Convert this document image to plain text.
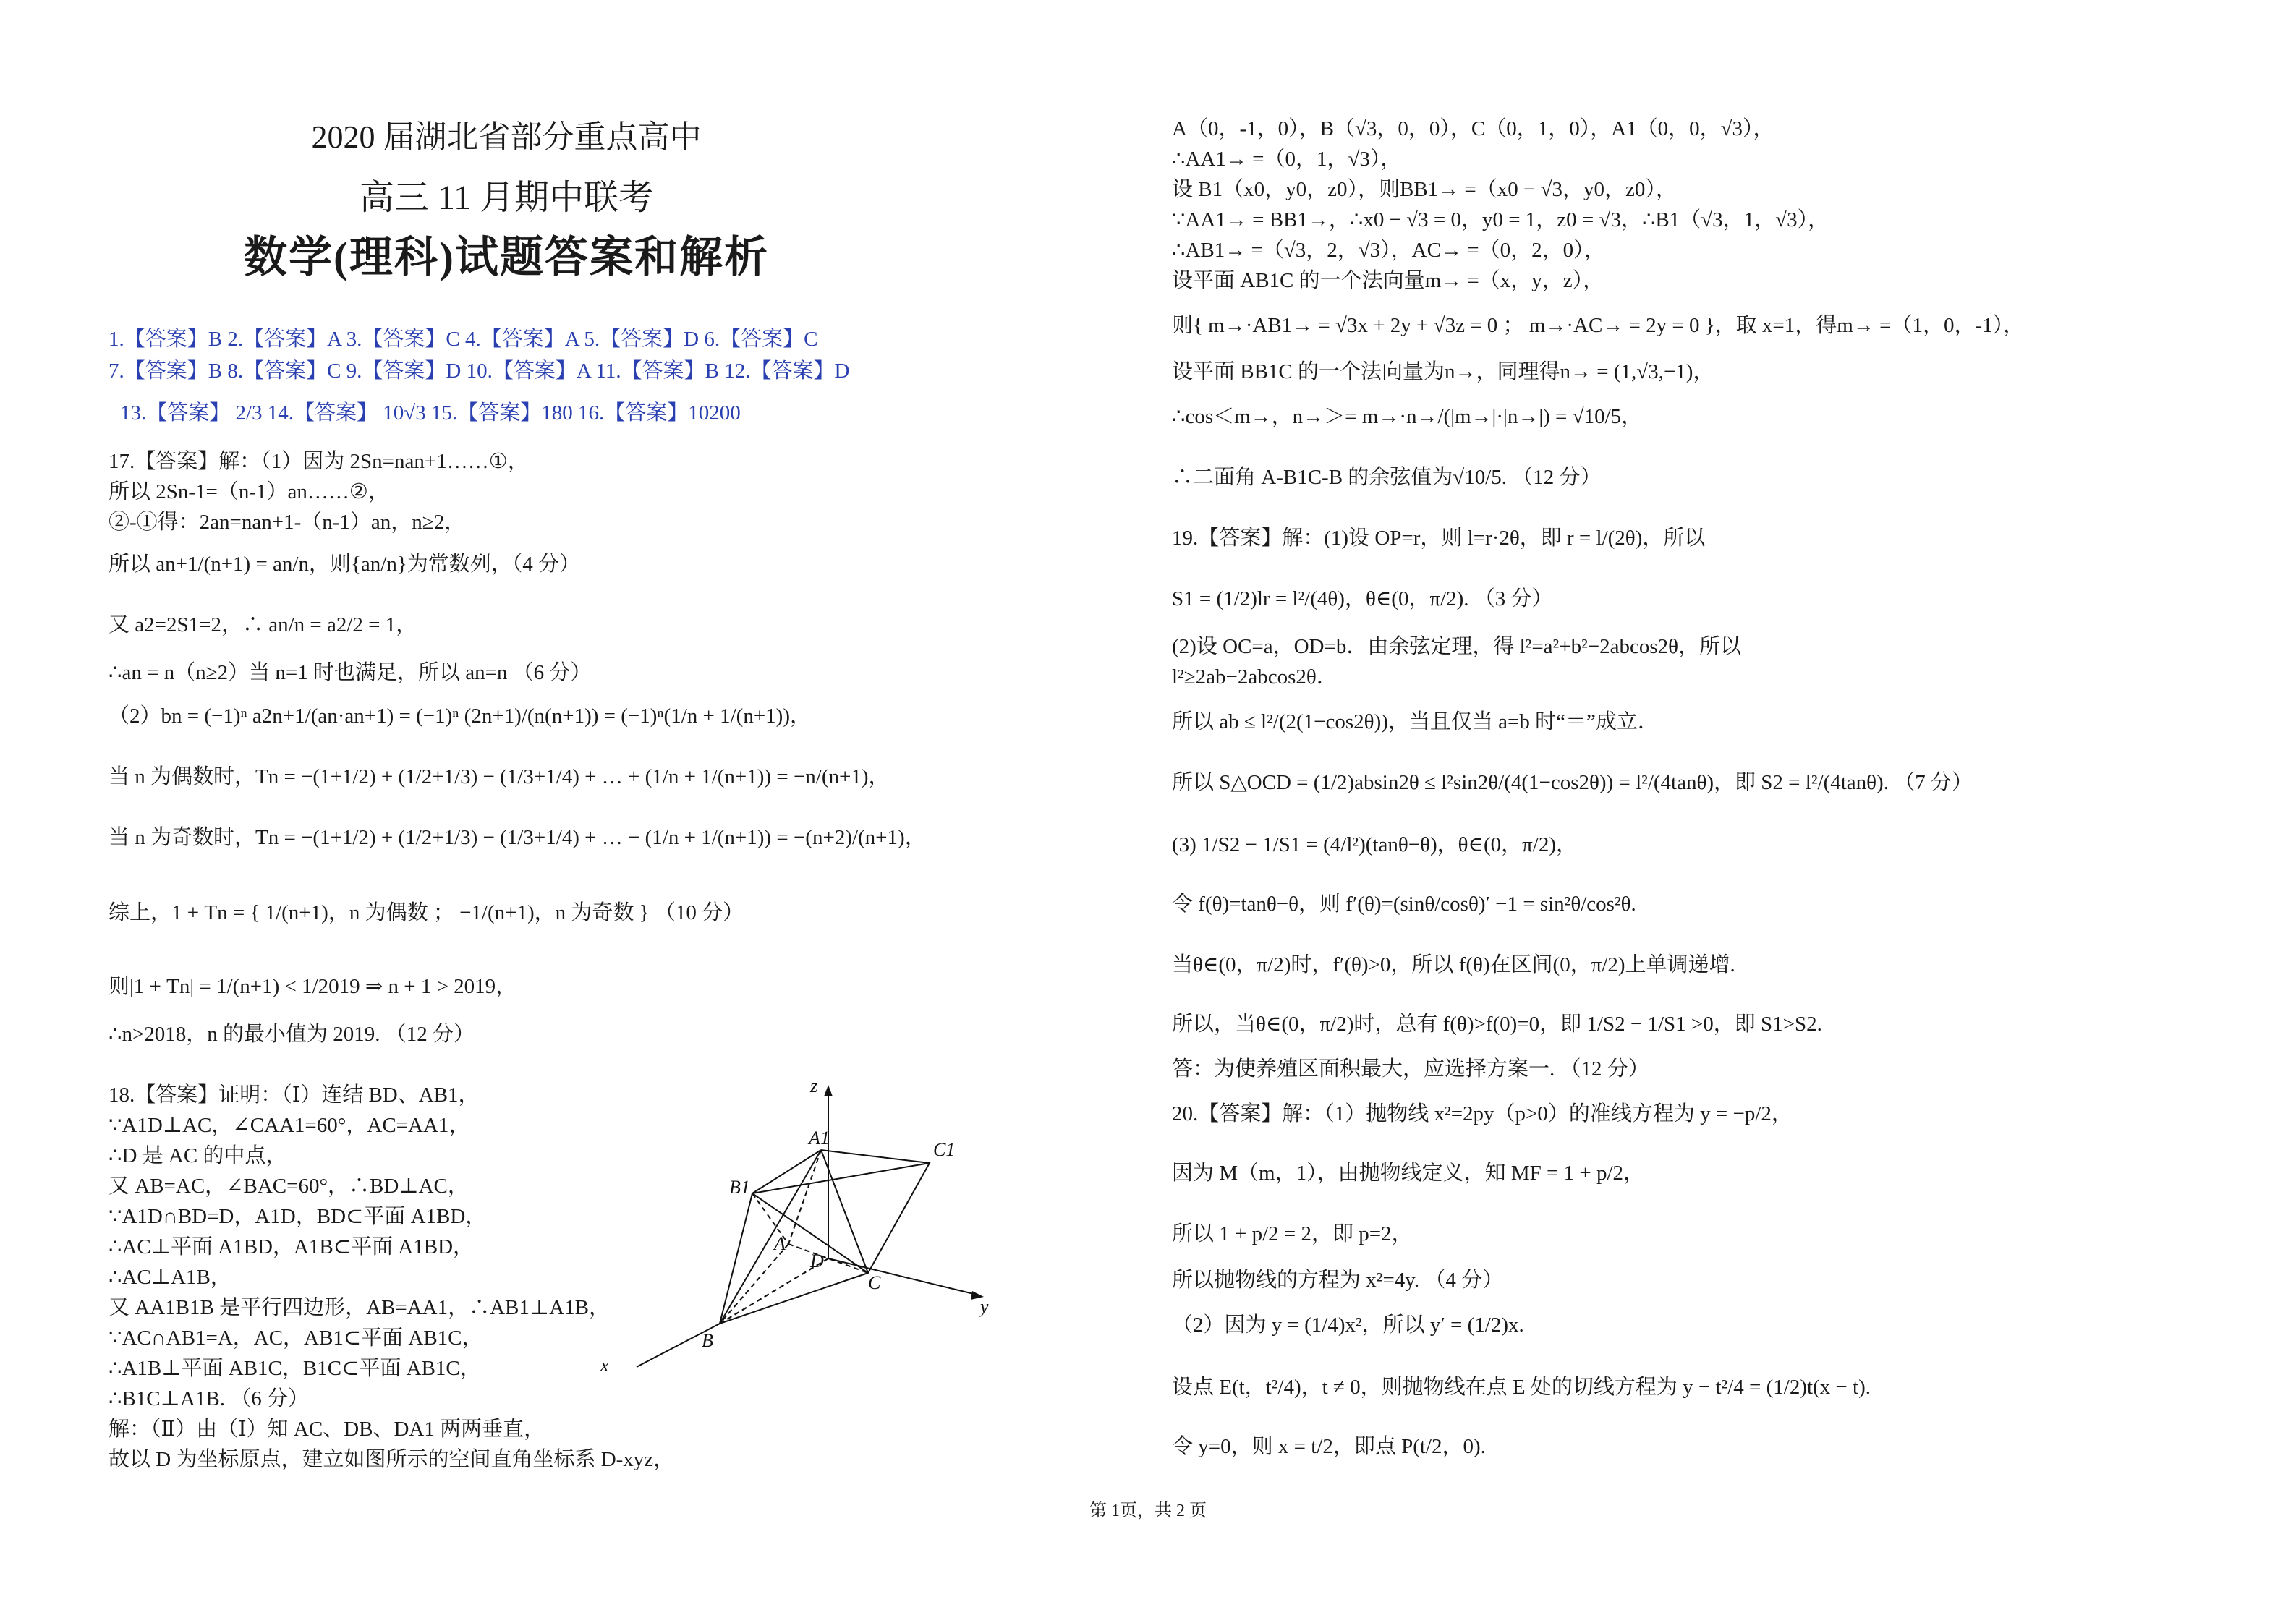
2020 届湖北省部分重点高中
高三 11 月期中联考
数学(理科)试题答案和解析
1.【答案】B 2.【答案】A 3.【答案】C 4.【答案】A 5.【答案】D 6.【答案】C
7.【答案】B 8.【答案】C 9.【答案】D 10.【答案】A 11.【答案】B 12.【答案】D
13.【答案】 2/3 14.【答案】 10√3 15.【答案】180 16.【答案】10200
17.【答案】解：（1）因为 2Sn=nan+1……①，
所以 2Sn-1=（n-1）an……②，
②-①得：2an=nan+1-（n-1）an，n≥2，
所以 an+1/(n+1) = an/n，则{an/n}为常数列，（4 分）
又 a2=2S1=2，∴ an/n = a2/2 = 1，
∴an = n（n≥2）当 n=1 时也满足，所以 an=n （6 分）
（2）bn = (−1)ⁿ a2n+1/(an·an+1) = (−1)ⁿ (2n+1)/(n(n+1)) = (−1)ⁿ(1/n + 1/(n+1))，
当 n 为偶数时，Tn = −(1+1/2) + (1/2+1/3) − (1/3+1/4) + … + (1/n + 1/(n+1)) = −n/(n+1)，
当 n 为奇数时，Tn = −(1+1/2) + (1/2+1/3) − (1/3+1/4) + … − (1/n + 1/(n+1)) = −(n+2)/(n+1)，
综上，1 + Tn = { 1/(n+1)，n 为偶数 ； −1/(n+1)，n 为奇数 } （10 分）
则|1 + Tn| = 1/(n+1) < 1/2019 ⇒ n + 1 > 2019，
∴n>2018，n 的最小值为 2019. （12 分）
18.【答案】证明：（Ⅰ）连结 BD、AB1，
∵A1D⊥AC，∠CAA1=60°，AC=AA1，
∴D 是 AC 的中点，
又 AB=AC，∠BAC=60°，∴BD⊥AC，
∵A1D∩BD=D，A1D，BD⊂平面 A1BD，
∴AC⊥平面 A1BD，A1B⊂平面 A1BD，
∴AC⊥A1B，
又 AA1B1B 是平行四边形，AB=AA1，∴AB1⊥A1B，
∵AC∩AB1=A，AC，AB1⊂平面 AB1C，
∴A1B⊥平面 AB1C，B1C⊂平面 AB1C，
∴B1C⊥A1B. （6 分）
解：（Ⅱ）由（Ⅰ）知 AC、DB、DA1 两两垂直，
故以 D 为坐标原点，建立如图所示的空间直角坐标系 D-xyz，
z
A1
C1
B1
A
D
C
B
x
y
A（0，-1，0），B（√3，0，0），C（0，1，0），A1（0，0，√3），
∴AA1→ =（0，1，√3），
设 B1（x0，y0，z0），则BB1→ =（x0 − √3，y0，z0），
∵AA1→ = BB1→，∴x0 − √3 = 0，y0 = 1，z0 = √3，∴B1（√3，1，√3），
∴AB1→ =（√3，2，√3），AC→ =（0，2，0），
设平面 AB1C 的一个法向量m→ =（x，y，z），
则{ m→·AB1→ = √3x + 2y + √3z = 0 ； m→·AC→ = 2y = 0 }，取 x=1，得m→ =（1，0，-1），
设平面 BB1C 的一个法向量为n→，同理得n→ = (1,√3,−1)，
∴cos＜m→，n→＞= m→·n→/(|m→|·|n→|) = √10/5，
∴二面角 A-B1C-B 的余弦值为√10/5. （12 分）
19.【答案】解：(1)设 OP=r，则 l=r·2θ，即 r = l/(2θ)，所以
S1 = (1/2)lr = l²/(4θ)，θ∈(0，π/2). （3 分）
(2)设 OC=a，OD=b．由余弦定理，得 l²=a²+b²−2abcos2θ，所以
l²≥2ab−2abcos2θ．
所以 ab ≤ l²/(2(1−cos2θ))，当且仅当 a=b 时“＝”成立．
所以 S△OCD = (1/2)absin2θ ≤ l²sin2θ/(4(1−cos2θ)) = l²/(4tanθ)，即 S2 = l²/(4tanθ). （7 分）
(3) 1/S2 − 1/S1 = (4/l²)(tanθ−θ)，θ∈(0，π/2)，
令 f(θ)=tanθ−θ，则 f′(θ)=(sinθ/cosθ)′ −1 = sin²θ/cos²θ.
当θ∈(0，π/2)时，f′(θ)>0，所以 f(θ)在区间(0，π/2)上单调递增.
所以，当θ∈(0，π/2)时，总有 f(θ)>f(0)=0，即 1/S2 − 1/S1 >0，即 S1>S2.
答：为使养殖区面积最大，应选择方案一. （12 分）
20.【答案】解：（1）抛物线 x²=2py（p>0）的准线方程为 y = −p/2，
因为 M（m，1），由抛物线定义，知 MF = 1 + p/2，
所以 1 + p/2 = 2，即 p=2，
所以抛物线的方程为 x²=4y. （4 分）
（2）因为 y = (1/4)x²，所以 y′ = (1/2)x.
设点 E(t，t²/4)，t ≠ 0，则抛物线在点 E 处的切线方程为 y − t²/4 = (1/2)t(x − t).
令 y=0，则 x = t/2，即点 P(t/2，0).
第 1页，共 2 页
